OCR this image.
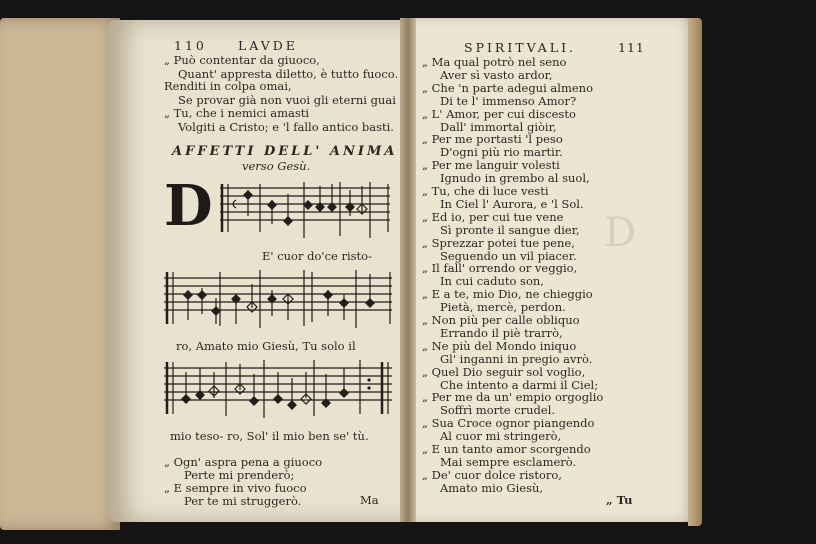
D
110 LAVDE
„ Può contentar da giuoco,
Quant' appresta diletto, è tutto fuoco.
Renditi in colpa omai,
Se provar già non vuoi gli eterni guai
„ Tu, che i nemici amasti
Volgiti a Cristo; e 'l fallo antico basti.
AFFETTI DELL' ANIMA
verso Gesù.
D
E' cuor do'ce risto-
ro, Amato mio Giesù, Tu solo il
mio teso- ro, Sol' il mio ben se' tù.
„ Ogn' aspra pena a giuoco
Perte mi prenderò;
„ E sempre in vivo fuoco
Per te mi struggerò.	Ma
SPIRITVALI.	111
„ Ma qual potrò nel seno
Aver sì vasto ardor,
„ Che 'n parte adegui almeno
Di te l' immenso Amor?
„ L' Amor, per cui discesto
Dall' immortal giòir,
„ Per me portasti 'l peso
D'ogni più rio martir.
„ Per me languir volesti
Ignudo in grembo al suol,
„ Tu, che di luce vesti
In Ciel l' Aurora, e 'l Sol.
„ Ed io, per cui tue vene
Sì pronte il sangue dier,
„ Sprezzar potei tue pene,
Seguendo un vil piacer.
„ Il fall' orrendo or veggio,
In cui caduto son,
„ E a te, mio Dio, ne chieggio
Pietà, mercè, perdon.
„ Non più per calle obliquo
Errando il piè trarrò,
„ Ne più del Mondo iniquo
Gl' inganni in pregio avrò.
„ Quel Dio seguir sol voglio,
Che intento a darmi il Ciel;
„ Per me da un' empio orgoglio
Soffrì morte crudel.
„ Sua Croce ognor piangendo
Al cuor mi stringerò,
„ E un tanto amor scorgendo
Mai sempre esclamerò.
„ De' cuor dolce ristoro,
Amato mio Giesù,
„ Tu
